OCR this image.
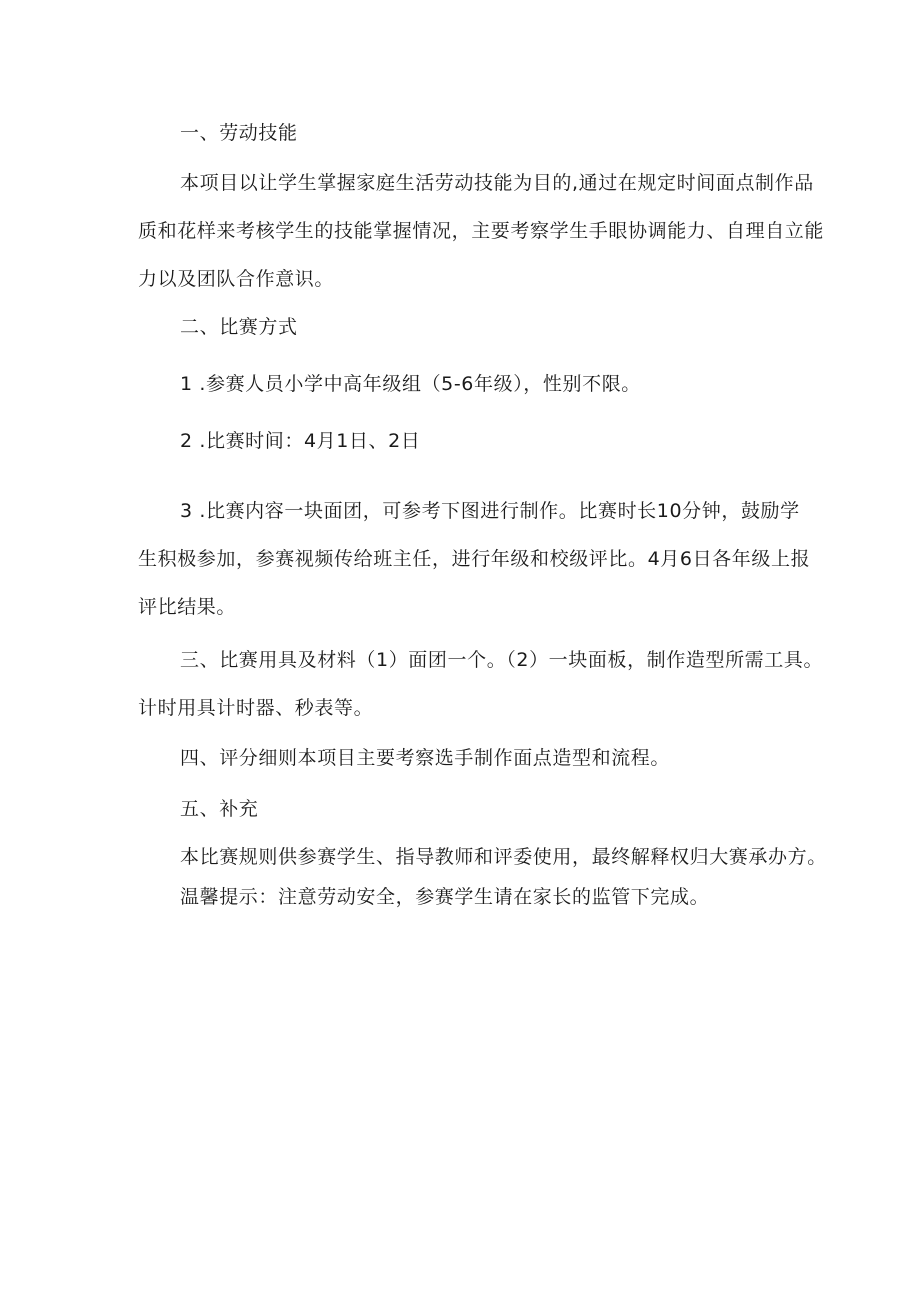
一、劳动技能
本项目以让学生掌握家庭生活劳动技能为目的,通过在规定时间面点制作品
质和花样来考核学生的技能掌握情况，主要考察学生手眼协调能力、自理自立能
力以及团队合作意识。
二、比赛方式
1 .参赛人员小学中高年级组（5-6年级），性别不限。
2 .比赛时间：4月1日、2日
3 .比赛内容一块面团，可参考下图进行制作。比赛时长10分钟，鼓励学
生积极参加，参赛视频传给班主任，进行年级和校级评比。4月6日各年级上报
评比结果。
三、比赛用具及材料（1）面团一个。（2）一块面板，制作造型所需工具。
计时用具计时器、秒表等。
四、评分细则本项目主要考察选手制作面点造型和流程。
五、补充
本比赛规则供参赛学生、指导教师和评委使用，最终解释权归大赛承办方。
温馨提示：注意劳动安全，参赛学生请在家长的监管下完成。
